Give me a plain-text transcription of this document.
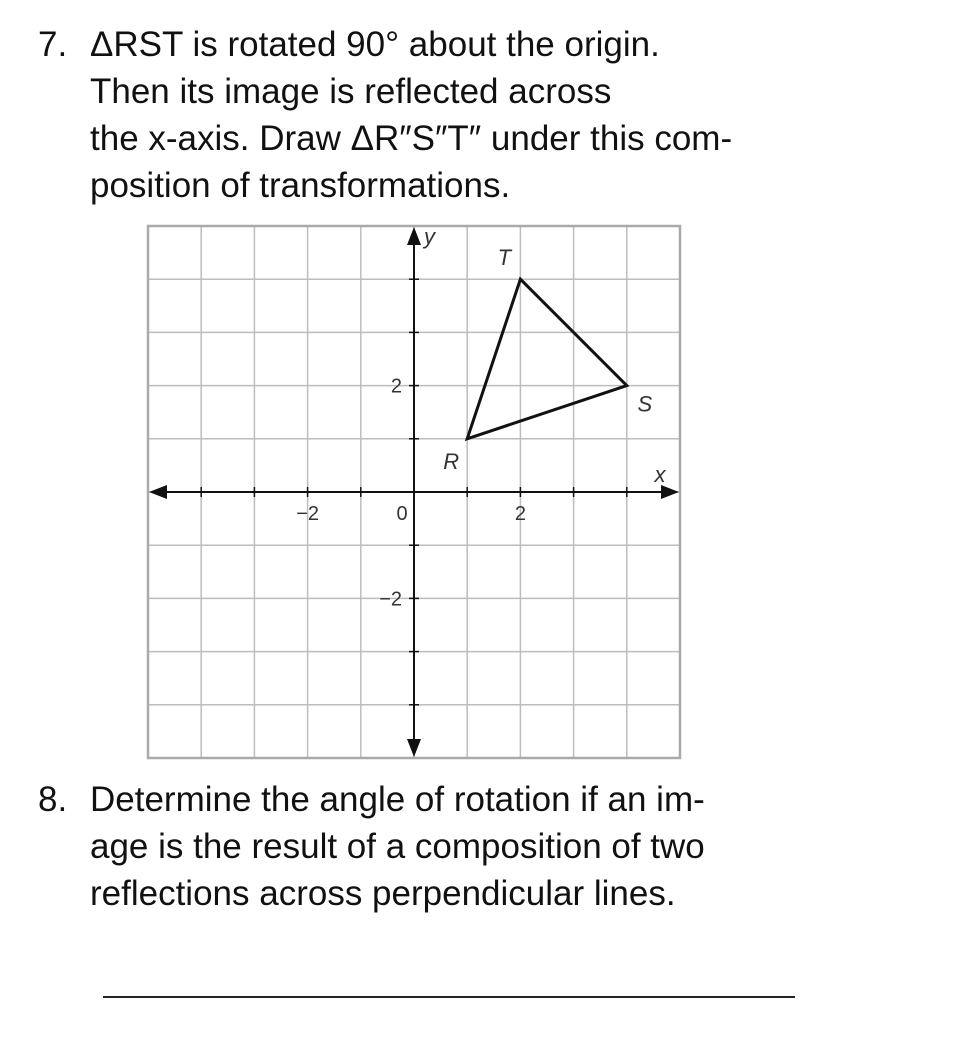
7. ΔRST is rotated 90° about the origin.
Then its image is reflected across
the x-axis. Draw ΔR″S″T″ under this com-
position of transformations.
−2	0	2
2
−2
x
y
R
S
T
8. Determine the angle of rotation if an im-
age is the result of a composition of two
reflections across perpendicular lines.
